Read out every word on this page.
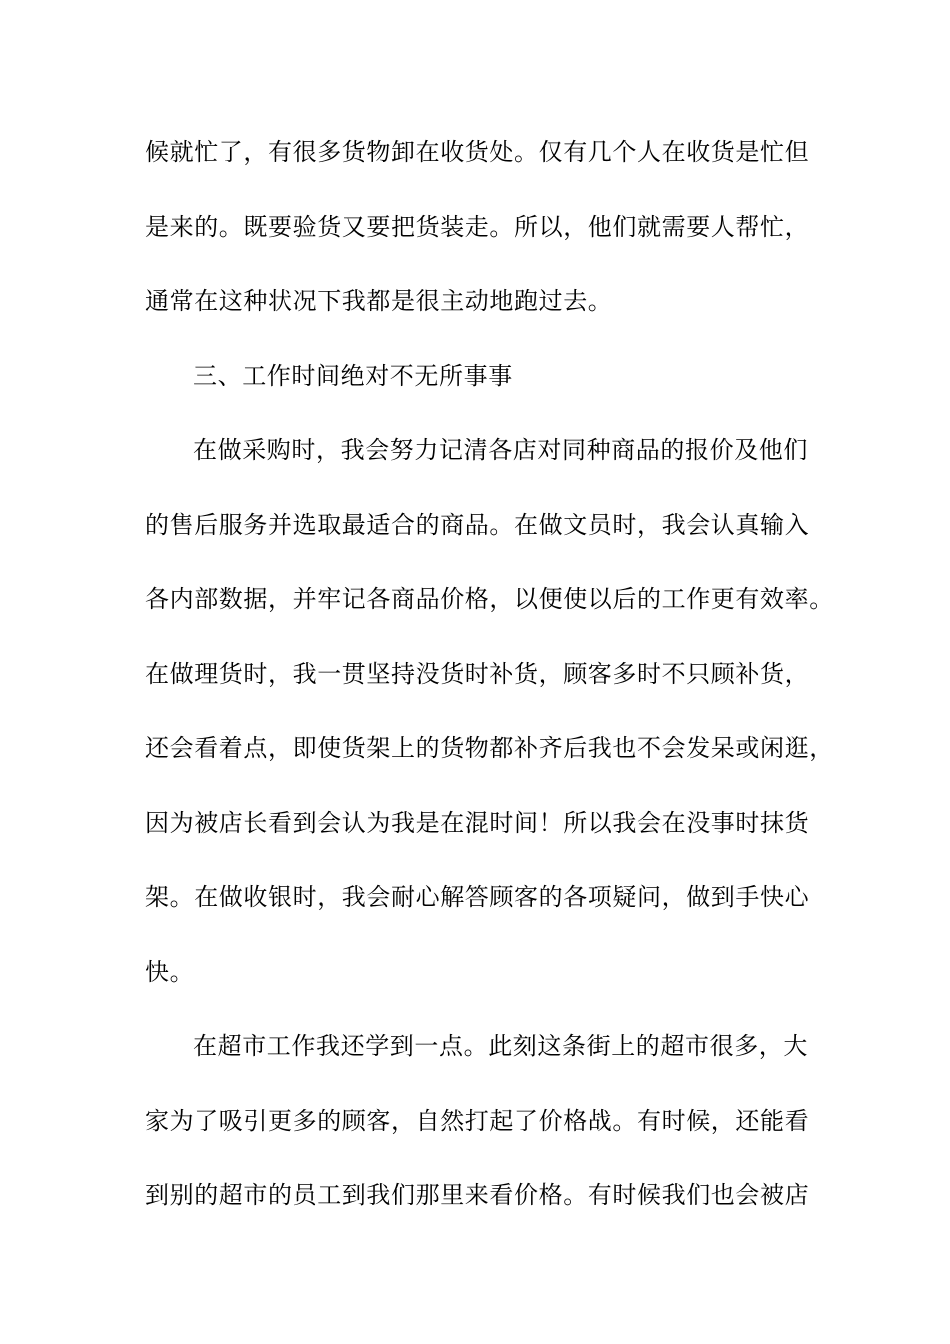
候就忙了，有很多货物卸在收货处。仅有几个人在收货是忙但
是来的。既要验货又要把货装走。所以，他们就需要人帮忙，
通常在这种状况下我都是很主动地跑过去。
三、工作时间绝对不无所事事
在做采购时，我会努力记清各店对同种商品的报价及他们
的售后服务并选取最适合的商品。在做文员时，我会认真输入
各内部数据，并牢记各商品价格，以便使以后的工作更有效率。
在做理货时，我一贯坚持没货时补货，顾客多时不只顾补货，
还会看着点，即使货架上的货物都补齐后我也不会发呆或闲逛，
因为被店长看到会认为我是在混时间！所以我会在没事时抹货
架。在做收银时，我会耐心解答顾客的各项疑问，做到手快心
快。
在超市工作我还学到一点。此刻这条街上的超市很多，大
家为了吸引更多的顾客，自然打起了价格战。有时候，还能看
到别的超市的员工到我们那里来看价格。有时候我们也会被店
